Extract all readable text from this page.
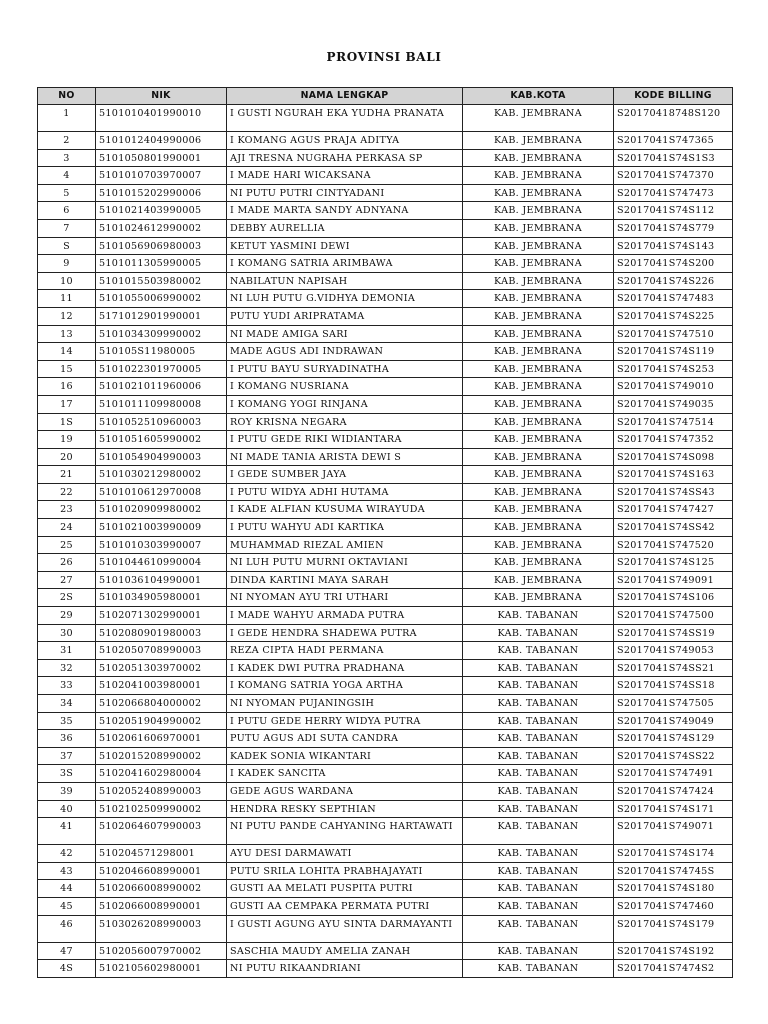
PROVINSI BALI
NO	NIK	NAMA LENGKAP	KAB.KOTA	KODE BILLING
1	5101010401990010	I GUSTI NGURAH EKA YUDHA PRANATA	KAB. JEMBRANA	S20170418748S120
2	5101012404990006	I KOMANG AGUS PRAJA ADITYA	KAB. JEMBRANA	S2017041S747365
3	5101050801990001	AJI TRESNA NUGRAHA PERKASA SP	KAB. JEMBRANA	S2017041S74S1S3
4	5101010703970007	I MADE HARI WICAKSANA	KAB. JEMBRANA	S2017041S747370
5	5101015202990006	NI PUTU PUTRI CINTYADANI	KAB. JEMBRANA	S2017041S747473
6	5101021403990005	I MADE MARTA SANDY ADNYANA	KAB. JEMBRANA	S2017041S74S112
7	5101024612990002	DEBBY AURELLIA	KAB. JEMBRANA	S2017041S74S779
S	5101056906980003	KETUT YASMINI DEWI	KAB. JEMBRANA	S2017041S74S143
9	5101011305990005	I KOMANG SATRIA ARIMBAWA	KAB. JEMBRANA	S2017041S74S200
10	5101015503980002	NABILATUN NAPISAH	KAB. JEMBRANA	S2017041S74S226
11	5101055006990002	NI LUH PUTU G.VIDHYA DEMONIA	KAB. JEMBRANA	S2017041S747483
12	5171012901990001	PUTU YUDI ARIPRATAMA	KAB. JEMBRANA	S2017041S74S225
13	5101034309990002	NI MADE AMIGA SARI	KAB. JEMBRANA	S2017041S747510
14	510105S11980005	MADE AGUS ADI INDRAWAN	KAB. JEMBRANA	S2017041S74S119
15	5101022301970005	I PUTU BAYU SURYADINATHA	KAB. JEMBRANA	S2017041S74S253
16	5101021011960006	I KOMANG NUSRIANA	KAB. JEMBRANA	S2017041S749010
17	5101011109980008	I KOMANG YOGI RINJANA	KAB. JEMBRANA	S2017041S749035
1S	5101052510960003	ROY KRISNA NEGARA	KAB. JEMBRANA	S2017041S747514
19	5101051605990002	I PUTU GEDE RIKI WIDIANTARA	KAB. JEMBRANA	S2017041S747352
20	5101054904990003	NI MADE TANIA ARISTA DEWI S	KAB. JEMBRANA	S2017041S74S098
21	5101030212980002	I GEDE SUMBER JAYA	KAB. JEMBRANA	S2017041S74S163
22	5101010612970008	I PUTU WIDYA ADHI HUTAMA	KAB. JEMBRANA	S2017041S74SS43
23	5101020909980002	I KADE ALFIAN KUSUMA WIRAYUDA	KAB. JEMBRANA	S2017041S747427
24	5101021003990009	I PUTU WAHYU ADI KARTIKA	KAB. JEMBRANA	S2017041S74SS42
25	5101010303990007	MUHAMMAD RIEZAL AMIEN	KAB. JEMBRANA	S2017041S747520
26	5101044610990004	NI LUH PUTU MURNI OKTAVIANI	KAB. JEMBRANA	S2017041S74S125
27	5101036104990001	DINDA KARTINI MAYA SARAH	KAB. JEMBRANA	S2017041S749091
2S	5101034905980001	NI NYOMAN AYU TRI UTHARI	KAB. JEMBRANA	S2017041S74S106
29	5102071302990001	I MADE WAHYU ARMADA PUTRA	KAB. TABANAN	S2017041S747500
30	5102080901980003	I GEDE HENDRA SHADEWA PUTRA	KAB. TABANAN	S2017041S74SS19
31	5102050708990003	REZA CIPTA HADI PERMANA	KAB. TABANAN	S2017041S749053
32	5102051303970002	I KADEK DWI PUTRA PRADHANA	KAB. TABANAN	S2017041S74SS21
33	5102041003980001	I KOMANG SATRIA YOGA ARTHA	KAB. TABANAN	S2017041S74SS18
34	5102066804000002	NI NYOMAN PUJANINGSIH	KAB. TABANAN	S2017041S747505
35	5102051904990002	I PUTU GEDE HERRY WIDYA PUTRA	KAB. TABANAN	S2017041S749049
36	5102061606970001	PUTU AGUS ADI SUTA CANDRA	KAB. TABANAN	S2017041S74S129
37	5102015208990002	KADEK SONIA WIKANTARI	KAB. TABANAN	S2017041S74SS22
3S	5102041602980004	I KADEK SANCITA	KAB. TABANAN	S2017041S747491
39	5102052408990003	GEDE AGUS WARDANA	KAB. TABANAN	S2017041S747424
40	5102102509990002	HENDRA RESKY SEPTHIAN	KAB. TABANAN	S2017041S74S171
41	5102064607990003	NI PUTU PANDE CAHYANING HARTAWATI	KAB. TABANAN	S2017041S749071
42	510204571298001	AYU DESI DARMAWATI	KAB. TABANAN	S2017041S74S174
43	5102046608990001	PUTU SRILA LOHITA PRABHAJAYATI	KAB. TABANAN	S2017041S74745S
44	5102066008990002	GUSTI AA MELATI PUSPITA PUTRI	KAB. TABANAN	S2017041S74S180
45	5102066008990001	GUSTI AA CEMPAKA PERMATA PUTRI	KAB. TABANAN	S2017041S747460
46	5103026208990003	I GUSTI AGUNG AYU SINTA DARMAYANTI	KAB. TABANAN	S2017041S74S179
47	5102056007970002	SASCHIA MAUDY AMELIA ZANAH	KAB. TABANAN	S2017041S74S192
4S	5102105602980001	NI PUTU RIKAANDRIANI	KAB. TABANAN	S2017041S7474S2
